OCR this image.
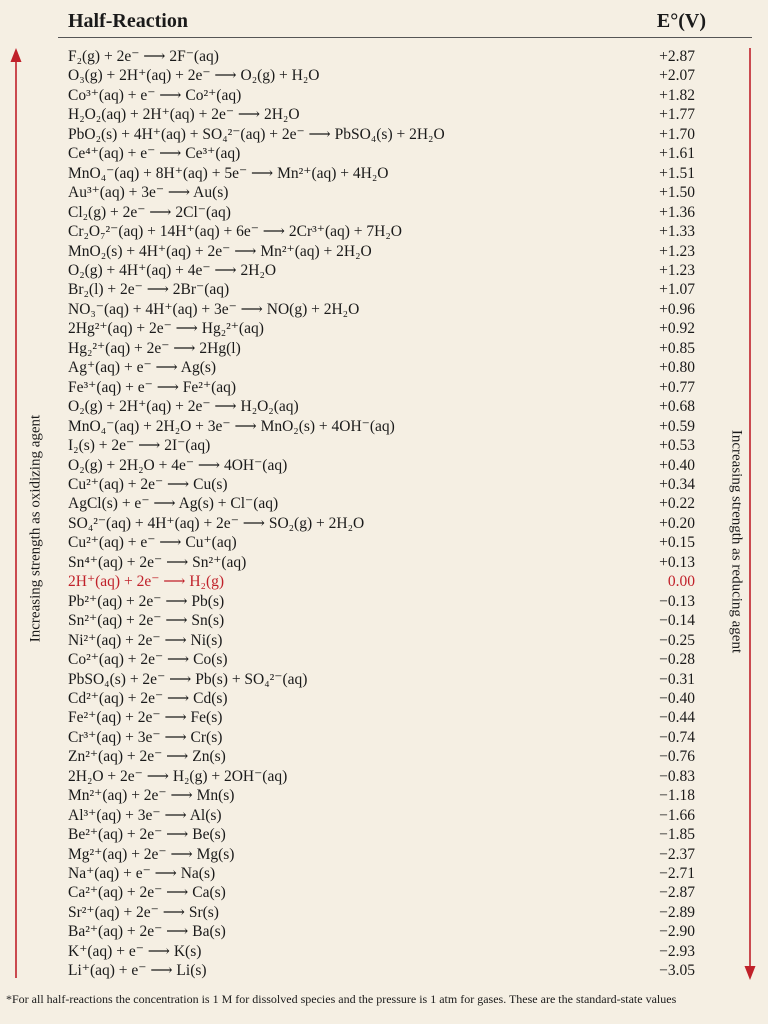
Half-Reaction	E°(V)
Increasing strength as oxidizing agent	Increasing strength as reducing agent
F₂(g) + 2e⁻ ⟶ 2F⁻(aq)	+2.87
O₃(g) + 2H⁺(aq) + 2e⁻ ⟶ O₂(g) + H₂O	+2.07
Co³⁺(aq) + e⁻ ⟶ Co²⁺(aq)	+1.82
H₂O₂(aq) + 2H⁺(aq) + 2e⁻ ⟶ 2H₂O	+1.77
PbO₂(s) + 4H⁺(aq) + SO₄²⁻(aq) + 2e⁻ ⟶ PbSO₄(s) + 2H₂O	+1.70
Ce⁴⁺(aq) + e⁻ ⟶ Ce³⁺(aq)	+1.61
MnO₄⁻(aq) + 8H⁺(aq) + 5e⁻ ⟶ Mn²⁺(aq) + 4H₂O	+1.51
Au³⁺(aq) + 3e⁻ ⟶ Au(s)	+1.50
Cl₂(g) + 2e⁻ ⟶ 2Cl⁻(aq)	+1.36
Cr₂O₇²⁻(aq) + 14H⁺(aq) + 6e⁻ ⟶ 2Cr³⁺(aq) + 7H₂O	+1.33
MnO₂(s) + 4H⁺(aq) + 2e⁻ ⟶ Mn²⁺(aq) + 2H₂O	+1.23
O₂(g) + 4H⁺(aq) + 4e⁻ ⟶ 2H₂O	+1.23
Br₂(l) + 2e⁻ ⟶ 2Br⁻(aq)	+1.07
NO₃⁻(aq) + 4H⁺(aq) + 3e⁻ ⟶ NO(g) + 2H₂O	+0.96
2Hg²⁺(aq) + 2e⁻ ⟶ Hg₂²⁺(aq)	+0.92
Hg₂²⁺(aq) + 2e⁻ ⟶ 2Hg(l)	+0.85
Ag⁺(aq) + e⁻ ⟶ Ag(s)	+0.80
Fe³⁺(aq) + e⁻ ⟶ Fe²⁺(aq)	+0.77
O₂(g) + 2H⁺(aq) + 2e⁻ ⟶ H₂O₂(aq)	+0.68
MnO₄⁻(aq) + 2H₂O + 3e⁻ ⟶ MnO₂(s) + 4OH⁻(aq)	+0.59
I₂(s) + 2e⁻ ⟶ 2I⁻(aq)	+0.53
O₂(g) + 2H₂O + 4e⁻ ⟶ 4OH⁻(aq)	+0.40
Cu²⁺(aq) + 2e⁻ ⟶ Cu(s)	+0.34
AgCl(s) + e⁻ ⟶ Ag(s) + Cl⁻(aq)	+0.22
SO₄²⁻(aq) + 4H⁺(aq) + 2e⁻ ⟶ SO₂(g) + 2H₂O	+0.20
Cu²⁺(aq) + e⁻ ⟶ Cu⁺(aq)	+0.15
Sn⁴⁺(aq) + 2e⁻ ⟶ Sn²⁺(aq)	+0.13
2H⁺(aq) + 2e⁻ ⟶ H₂(g)	0.00
Pb²⁺(aq) + 2e⁻ ⟶ Pb(s)	−0.13
Sn²⁺(aq) + 2e⁻ ⟶ Sn(s)	−0.14
Ni²⁺(aq) + 2e⁻ ⟶ Ni(s)	−0.25
Co²⁺(aq) + 2e⁻ ⟶ Co(s)	−0.28
PbSO₄(s) + 2e⁻ ⟶ Pb(s) + SO₄²⁻(aq)	−0.31
Cd²⁺(aq) + 2e⁻ ⟶ Cd(s)	−0.40
Fe²⁺(aq) + 2e⁻ ⟶ Fe(s)	−0.44
Cr³⁺(aq) + 3e⁻ ⟶ Cr(s)	−0.74
Zn²⁺(aq) + 2e⁻ ⟶ Zn(s)	−0.76
2H₂O + 2e⁻ ⟶ H₂(g) + 2OH⁻(aq)	−0.83
Mn²⁺(aq) + 2e⁻ ⟶ Mn(s)	−1.18
Al³⁺(aq) + 3e⁻ ⟶ Al(s)	−1.66
Be²⁺(aq) + 2e⁻ ⟶ Be(s)	−1.85
Mg²⁺(aq) + 2e⁻ ⟶ Mg(s)	−2.37
Na⁺(aq) + e⁻ ⟶ Na(s)	−2.71
Ca²⁺(aq) + 2e⁻ ⟶ Ca(s)	−2.87
Sr²⁺(aq) + 2e⁻ ⟶ Sr(s)	−2.89
Ba²⁺(aq) + 2e⁻ ⟶ Ba(s)	−2.90
K⁺(aq) + e⁻ ⟶ K(s)	−2.93
Li⁺(aq) + e⁻ ⟶ Li(s)	−3.05
*For all half-reactions the concentration is 1 M for dissolved species and the pressure is 1 atm for gases. These are the standard-state values
